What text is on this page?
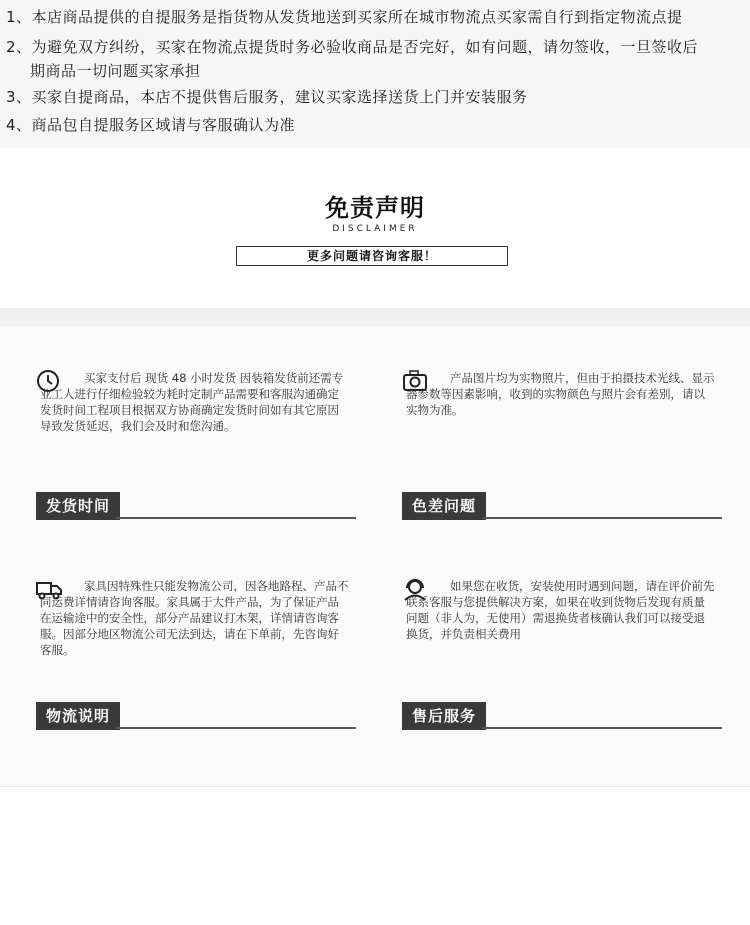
1、本店商品提供的自提服务是指货物从发货地送到买家所在城市物流点买家需自行到指定物流点提
2、为避免双方纠纷，买家在物流点提货时务必验收商品是否完好，如有问题，请勿签收，一旦签收后
期商品一切问题买家承担
3、买家自提商品，本店不提供售后服务，建议买家选择送货上门并安装服务
4、商品包自提服务区域请与客服确认为准
免责声明
DISCLAIMER
更多问题请咨询客服！
买家支付后 现货 48 小时发货 因装箱发货前还需专业工人进行仔细检验较为耗时定制产品需要和客服沟通确定发货时间工程项目根据双方协商确定发货时间如有其它原因导致发货延迟，我们会及时和您沟通。
发货时间
产品图片均为实物照片，但由于拍摄技术光线、显示器参数等因素影响，收到的实物颜色与照片会有差别，请以实物为准。
色差问题
家具因特殊性只能发物流公司，因各地路程、产品不同运费详情请咨询客服。家具属于大件产品，为了保证产品在运输途中的安全性，部分产品建议打木架，详情请咨询客服。因部分地区物流公司无法到达，请在下单前，先咨询好客服。
物流说明
如果您在收货，安装使用时遇到问题，请在评价前先联系客服与您提供解决方案，如果在收到货物后发现有质量问题（非人为，无使用）需退换货者核确认我们可以接受退换货，并负责相关费用
售后服务
